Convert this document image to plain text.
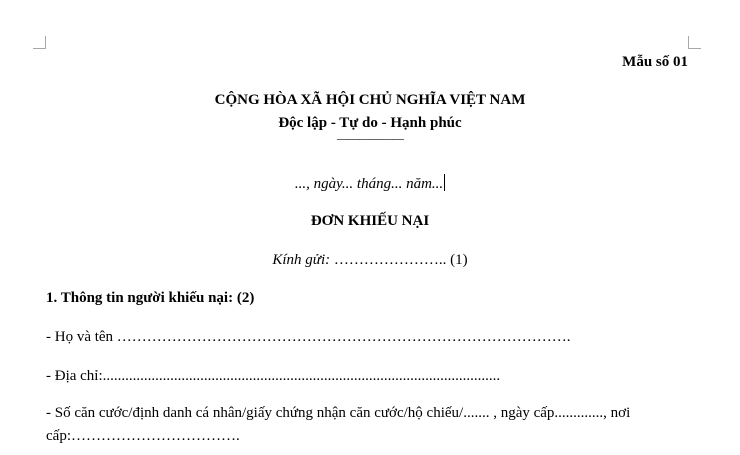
Mẫu số 01
CỘNG HÒA XÃ HỘI CHỦ NGHĨA VIỆT NAM
Độc lập - Tự do - Hạnh phúc
——————
..., ngày... tháng... năm...
ĐƠN KHIẾU NẠI
Kính gửi: ………………….. (1)
1. Thông tin người khiếu nại: (2)
- Họ và tên ……………………………………………………………………………….
- Địa chỉ:..........................................................................................................
- Số căn cước/định danh cá nhân/giấy chứng nhận căn cước/hộ chiếu/....... , ngày cấp............., nơi
cấp:…………………………….
